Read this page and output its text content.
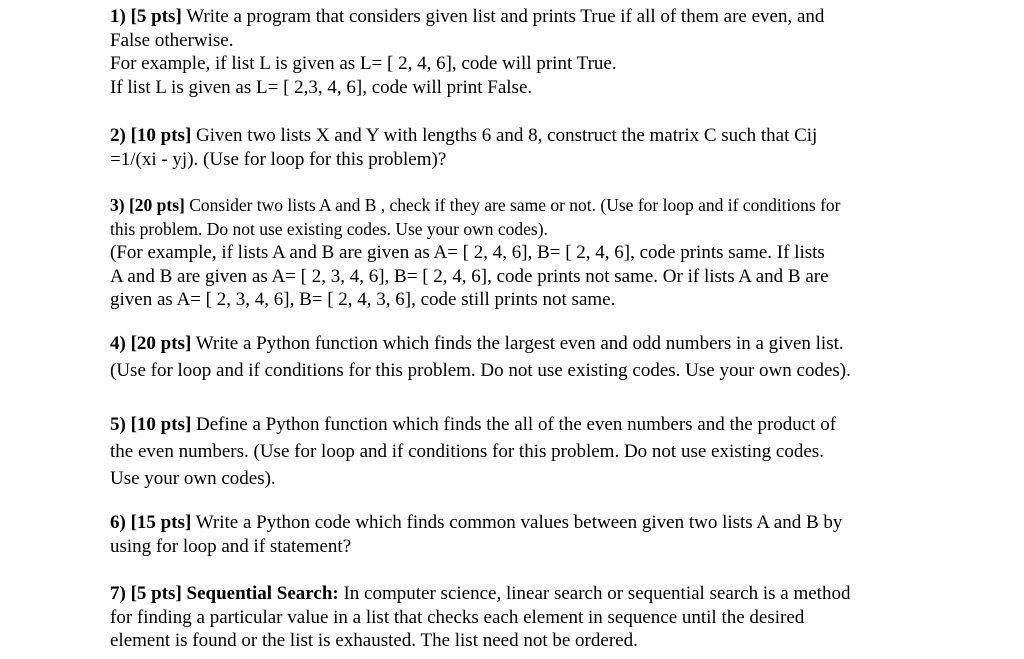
1) [5 pts] Write a program that considers given list and prints True if all of them are even, and

False otherwise.

For example, if list L is given as L= [ 2, 4, 6], code will print True.

If list L is given as L= [ 2,3, 4, 6], code will print False.

2) [10 pts] Given two lists X and Y with lengths 6 and 8, construct the matrix C such that Cij

=1/(xi - yj). (Use for loop for this problem)?

3) [20 pts] Consider two lists A and B , check if they are same or not. (Use for loop and if conditions for

this problem. Do not use existing codes. Use your own codes).

(For example, if lists A and B are given as A= [ 2, 4, 6], B= [ 2, 4, 6], code prints same. If lists

A and B are given as A= [ 2, 3, 4, 6], B= [ 2, 4, 6], code prints not same. Or if lists A and B are

given as A= [ 2, 3, 4, 6], B= [ 2, 4, 3, 6], code still prints not same.

4) [20 pts] Write a Python function which finds the largest even and odd numbers in a given list.

(Use for loop and if conditions for this problem. Do not use existing codes. Use your own codes).

5) [10 pts] Define a Python function which finds the all of the even numbers and the product of

the even numbers. (Use for loop and if conditions for this problem. Do not use existing codes.

Use your own codes).

6) [15 pts] Write a Python code which finds common values between given two lists A and B by

using for loop and if statement?

7) [5 pts] Sequential Search: In computer science, linear search or sequential search is a method

for finding a particular value in a list that checks each element in sequence until the desired

element is found or the list is exhausted. The list need not be ordered.
